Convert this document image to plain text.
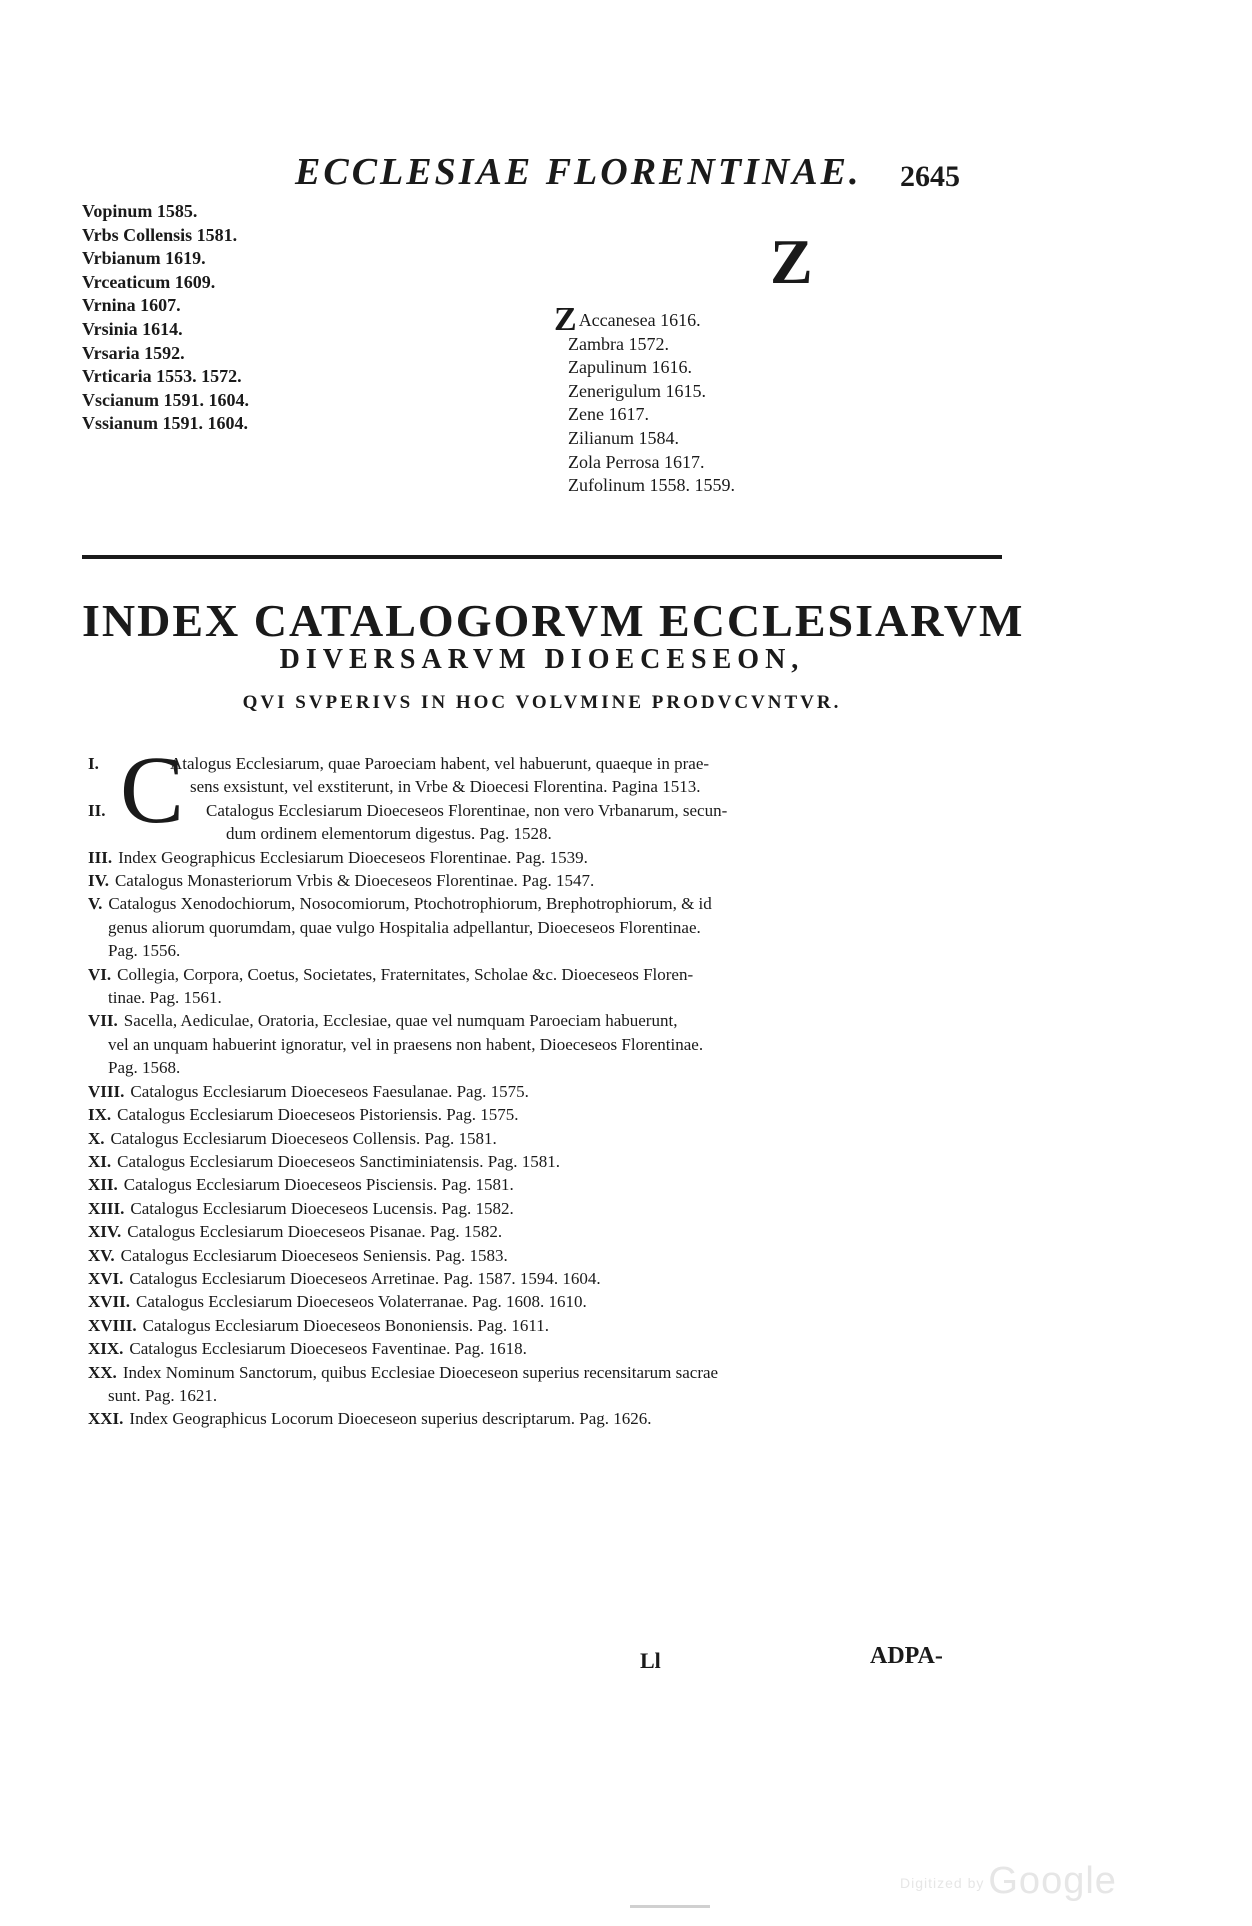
ECCLESIAE FLORENTINAE. 2645
Vopinum 1585.
Vrbs Collensis 1581.
Vrbianum 1619.
Vrceaticum 1609.
Vrnina 1607.
Vrsinia 1614.
Vrsaria 1592.
Vrticaria 1553. 1572.
Vscianum 1591. 1604.
Vssianum 1591. 1604.
Z
Z Accanesea 1616.
Zambra 1572.
Zapulinum 1616.
Zenerigulum 1615.
Zene 1617.
Zilianum 1584.
Zola Perrosa 1617.
Zufolinum 1558. 1559.
INDEX CATALOGORVM ECCLESIARVM
DIVERSARVM DIOECESEON,
QVI SVPERIVS IN HOC VOLVMINE PRODVCVNTVR.
C
I.	Atalogus Ecclesiarum, quae Paroeciam habent, vel habuerunt, quaeque in prae-
sens exsistunt, vel exstiterunt, in Vrbe & Dioecesi Florentina. Pagina 1513.
II.	Catalogus Ecclesiarum Dioeceseos Florentinae, non vero Vrbanarum, secun-
dum ordinem elementorum digestus. Pag. 1528.
III. Index Geographicus Ecclesiarum Dioeceseos Florentinae. Pag. 1539.
IV. Catalogus Monasteriorum Vrbis & Dioeceseos Florentinae. Pag. 1547.
V. Catalogus Xenodochiorum, Nosocomiorum, Ptochotrophiorum, Brephotrophiorum, & id
genus aliorum quorumdam, quae vulgo Hospitalia adpellantur, Dioeceseos Florentinae.
Pag. 1556.
VI. Collegia, Corpora, Coetus, Societates, Fraternitates, Scholae &c. Dioeceseos Floren-
tinae. Pag. 1561.
VII. Sacella, Aediculae, Oratoria, Ecclesiae, quae vel numquam Paroeciam habuerunt,
vel an unquam habuerint ignoratur, vel in praesens non habent, Dioeceseos Florentinae.
Pag. 1568.
VIII. Catalogus Ecclesiarum Dioeceseos Faesulanae. Pag. 1575.
IX. Catalogus Ecclesiarum Dioeceseos Pistoriensis. Pag. 1575.
X. Catalogus Ecclesiarum Dioeceseos Collensis. Pag. 1581.
XI. Catalogus Ecclesiarum Dioeceseos Sanctiminiatensis. Pag. 1581.
XII. Catalogus Ecclesiarum Dioeceseos Pisciensis. Pag. 1581.
XIII. Catalogus Ecclesiarum Dioeceseos Lucensis. Pag. 1582.
XIV. Catalogus Ecclesiarum Dioeceseos Pisanae. Pag. 1582.
XV. Catalogus Ecclesiarum Dioeceseos Seniensis. Pag. 1583.
XVI. Catalogus Ecclesiarum Dioeceseos Arretinae. Pag. 1587. 1594. 1604.
XVII. Catalogus Ecclesiarum Dioeceseos Volaterranae. Pag. 1608. 1610.
XVIII. Catalogus Ecclesiarum Dioeceseos Bononiensis. Pag. 1611.
XIX. Catalogus Ecclesiarum Dioeceseos Faventinae. Pag. 1618.
XX. Index Nominum Sanctorum, quibus Ecclesiae Dioeceseon superius recensitarum sacrae
sunt. Pag. 1621.
XXI. Index Geographicus Locorum Dioeceseon superius descriptarum. Pag. 1626.
Ll	ADPA-
Digitized by Google
